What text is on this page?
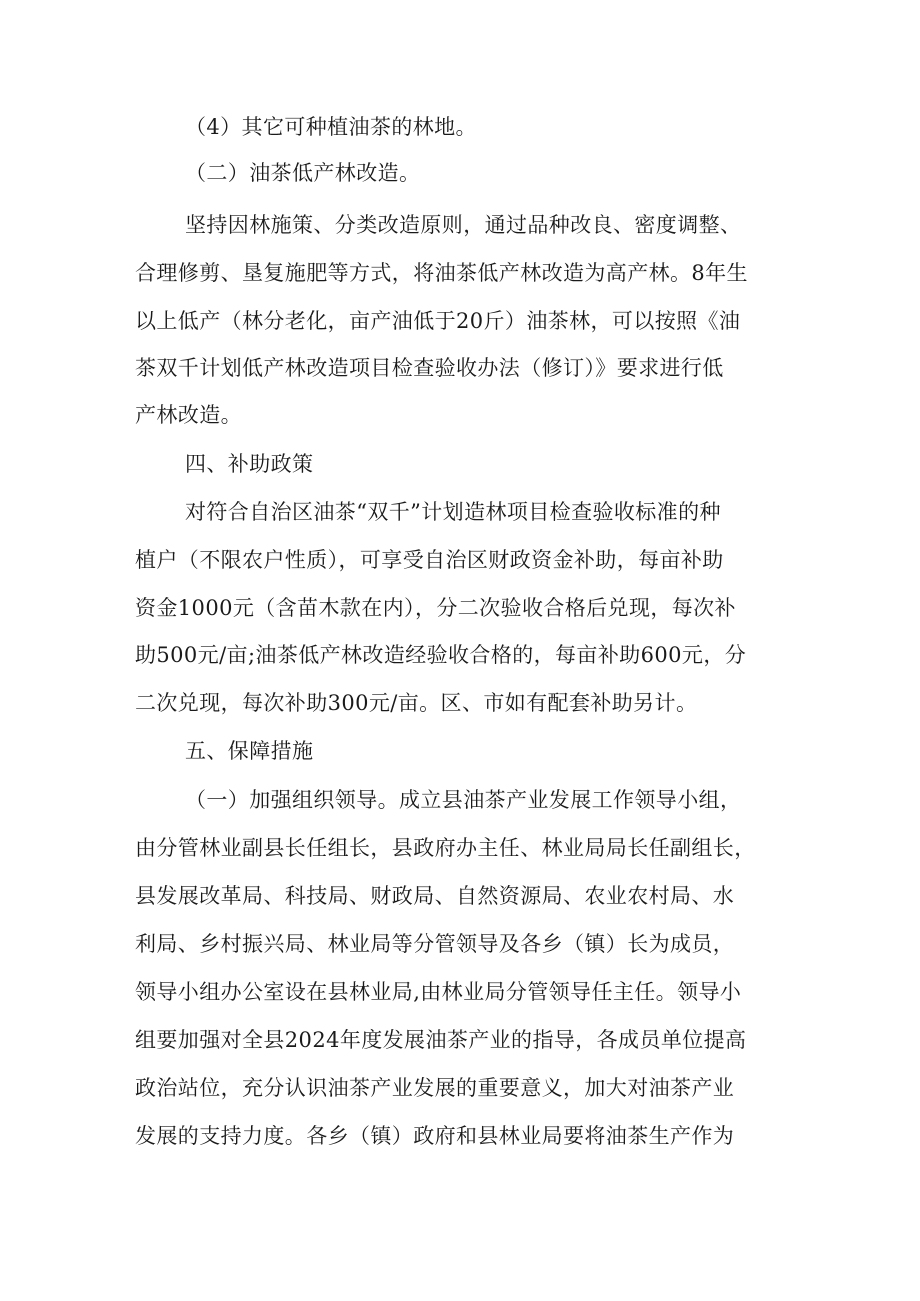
（4）其它可种植油茶的林地。
（二）油茶低产林改造。
坚持因林施策、分类改造原则，通过品种改良、密度调整、
合理修剪、垦复施肥等方式，将油茶低产林改造为高产林。8年生
以上低产（林分老化，亩产油低于20斤）油茶林，可以按照《油
茶双千计划低产林改造项目检查验收办法（修订）》要求进行低
产林改造。
四、补助政策
对符合自治区油茶“双千”计划造林项目检查验收标准的种
植户（不限农户性质），可享受自治区财政资金补助，每亩补助
资金1000元（含苗木款在内），分二次验收合格后兑现，每次补
助500元/亩;油茶低产林改造经验收合格的，每亩补助600元，分
二次兑现，每次补助300元/亩。区、市如有配套补助另计。
五、保障措施
（一）加强组织领导。成立县油茶产业发展工作领导小组，
由分管林业副县长任组长，县政府办主任、林业局局长任副组长，
县发展改革局、科技局、财政局、自然资源局、农业农村局、水
利局、乡村振兴局、林业局等分管领导及各乡（镇）长为成员，
领导小组办公室设在县林业局,由林业局分管领导任主任。领导小
组要加强对全县2024年度发展油茶产业的指导，各成员单位提高
政治站位，充分认识油茶产业发展的重要意义，加大对油茶产业
发展的支持力度。各乡（镇）政府和县林业局要将油茶生产作为
